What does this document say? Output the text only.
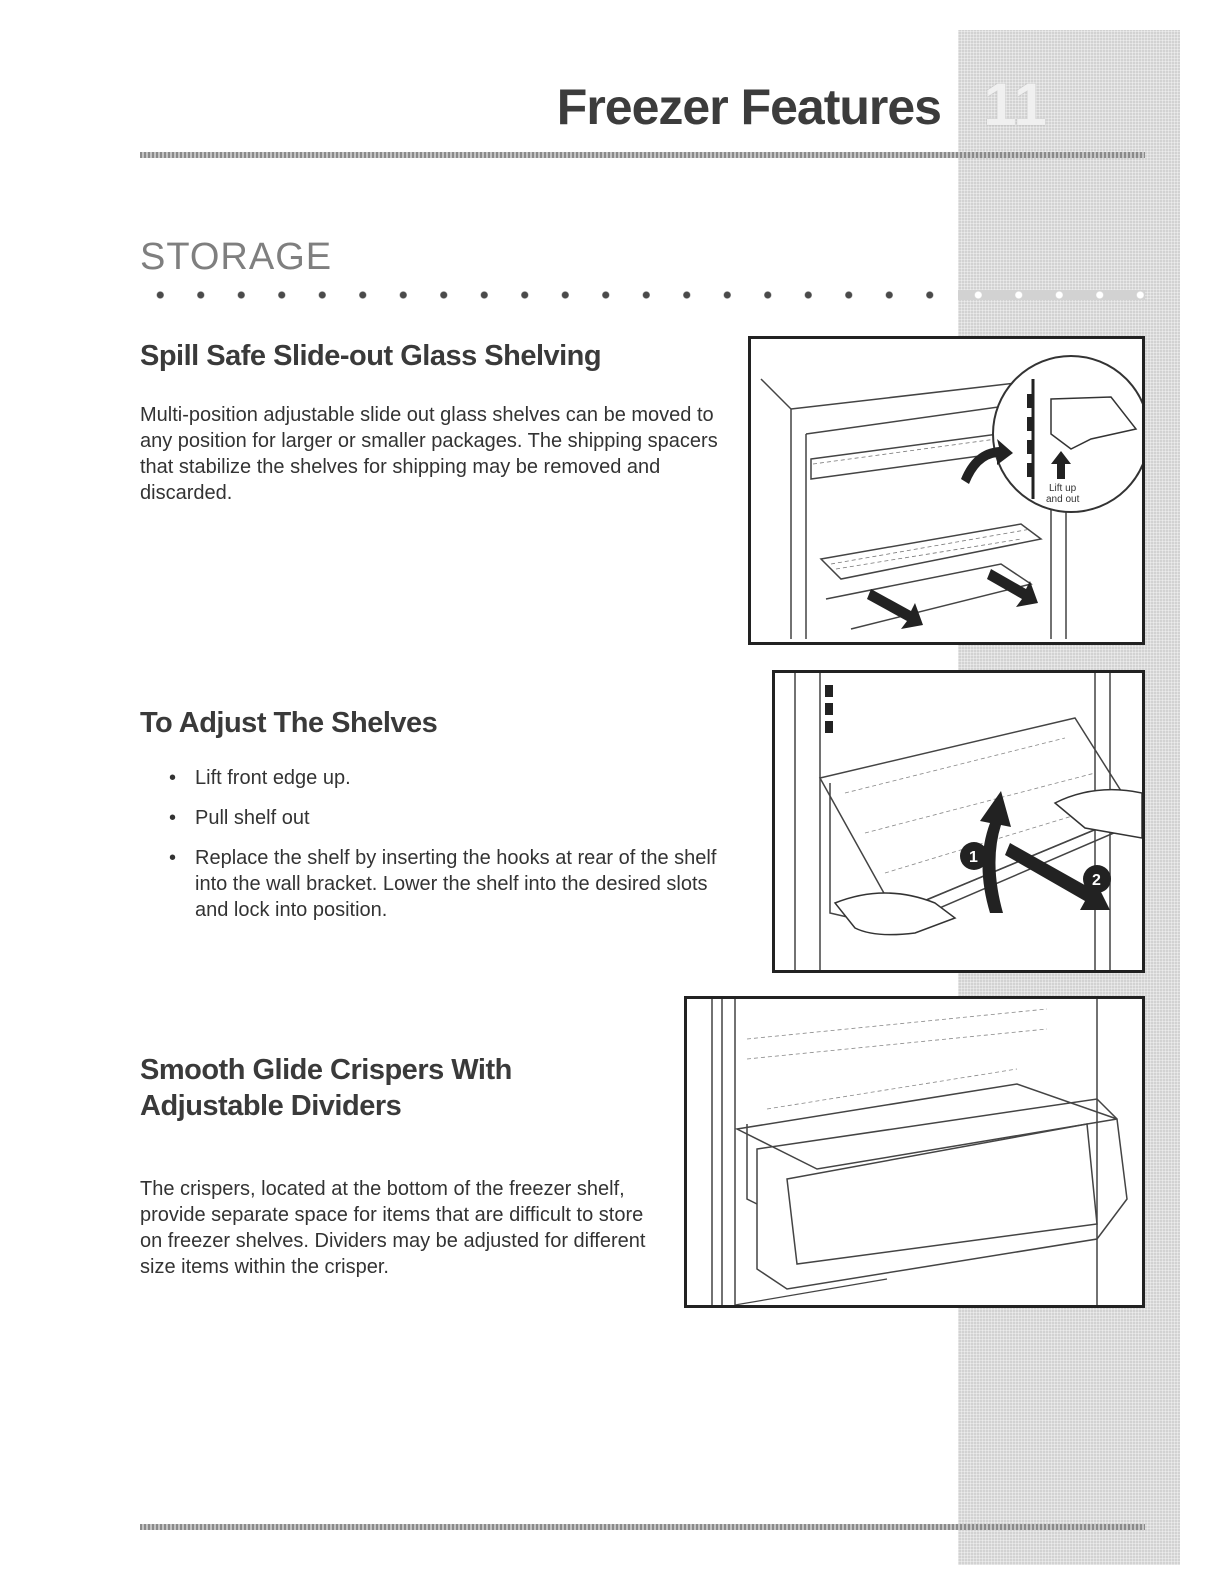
Freezer Features 11
STORAGE
Spill Safe Slide-out Glass Shelving

Multi-position adjustable slide out glass shelves can be moved to any position for larger or smaller packages. The shipping spacers that stabilize the shelves for shipping may be removed and discarded.	Lift up
and out
To Adjust The Shelves
• Lift front edge up.
• Pull shelf out
• Replace the shelf by inserting the hooks at rear of the shelf into the wall bracket. Lower the shelf into the desired slots and lock into position.
1
2
Smooth Glide Crispers With Adjustable Dividers

The crispers, located at the bottom of the freezer shelf, provide separate space for items that are difficult to store on freezer shelves. Dividers may be adjusted for different size items within the crisper.
